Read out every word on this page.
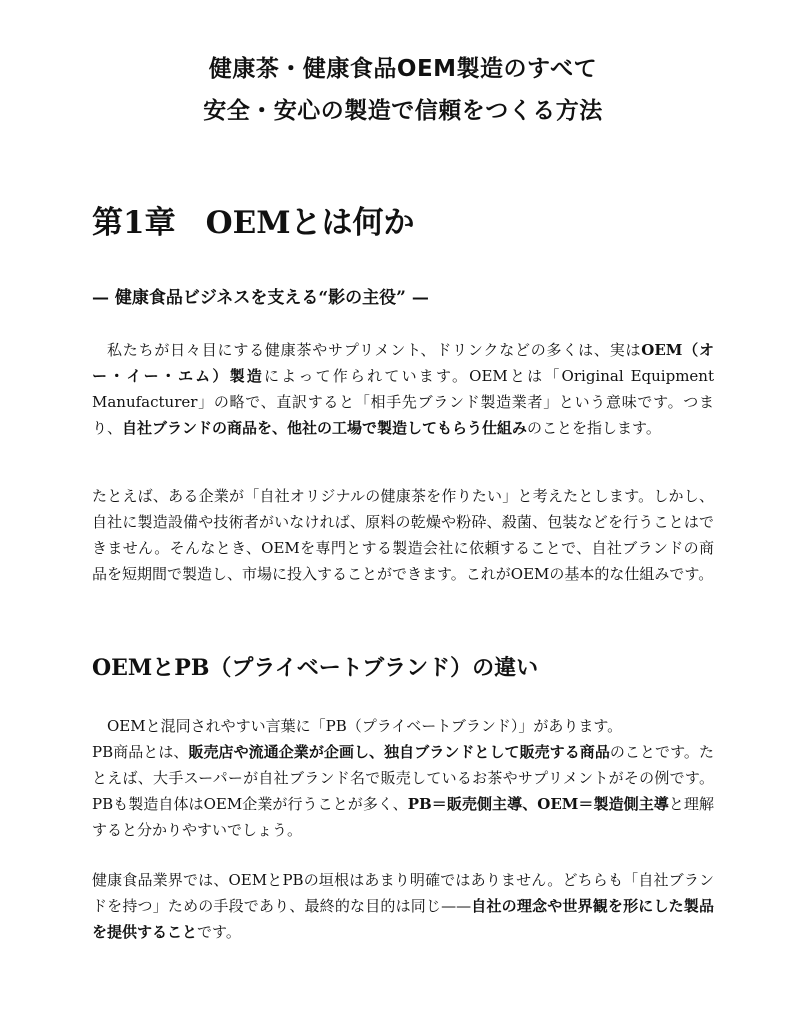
健康茶・健康食品OEM製造のすべて
安全・安心の製造で信頼をつくる方法
第1章 OEMとは何か
— 健康食品ビジネスを支える“影の主役” —

私たちが日々目にする健康茶やサプリメント、ドリンクなどの多くは、実はOEM（オー・イー・エム）製造によって作られています。OEMとは「Original Equipment Manufacturer」の略で、直訳すると「相手先ブランド製造業者」という意味です。つまり、自社ブランドの商品を、他社の工場で製造してもらう仕組みのことを指します。

たとえば、ある企業が「自社オリジナルの健康茶を作りたい」と考えたとします。しかし、自社に製造設備や技術者がいなければ、原料の乾燥や粉砕、殺菌、包装などを行うことはできません。そんなとき、OEMを専門とする製造会社に依頼することで、自社ブランドの商品を短期間で製造し、市場に投入することができます。これがOEMの基本的な仕組みです。

OEMとPB（プライベートブランド）の違い

OEMと混同されやすい言葉に「PB（プライベートブランド）」があります。
PB商品とは、販売店や流通企業が企画し、独自ブランドとして販売する商品のことです。たとえば、大手スーパーが自社ブランド名で販売しているお茶やサプリメントがその例です。PBも製造自体はOEM企業が行うことが多く、PB＝販売側主導、OEM＝製造側主導と理解すると分かりやすいでしょう。

健康食品業界では、OEMとPBの垣根はあまり明確ではありません。どちらも「自社ブランドを持つ」ための手段であり、最終的な目的は同じ——自社の理念や世界観を形にした製品を提供することです。
